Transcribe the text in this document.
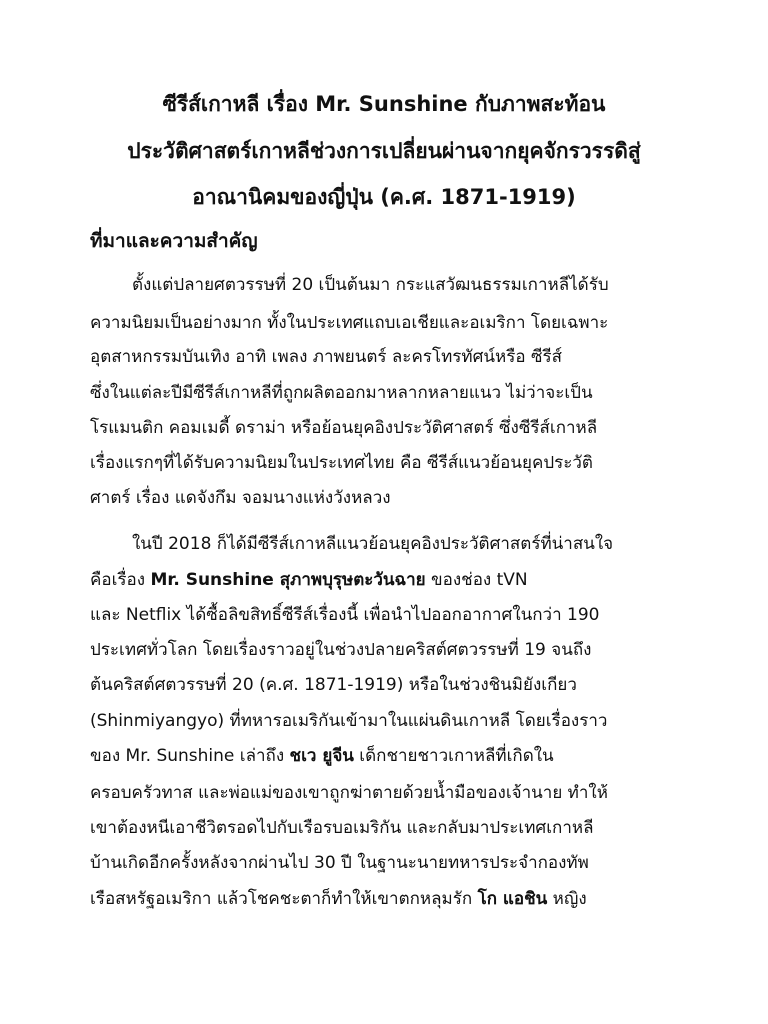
ซีรีส์เกาหลี เรื่อง Mr. Sunshine กับภาพสะท้อน
ประวัติศาสตร์เกาหลีช่วงการเปลี่ยนผ่านจากยุคจักรวรรดิสู่
อาณานิคมของญี่ปุ่น (ค.ศ. 1871-1919)
ที่มาและความสำคัญ
ตั้งแต่ปลายศตวรรษที่ 20 เป็นต้นมา กระแสวัฒนธรรมเกาหลีได้รับ
ความนิยมเป็นอย่างมาก ทั้งในประเทศแถบเอเชียและอเมริกา โดยเฉพาะ
อุตสาหกรรมบันเทิง อาทิ เพลง ภาพยนตร์ ละครโทรทัศน์หรือ ซีรีส์
ซึ่งในแต่ละปีมีซีรีส์เกาหลีที่ถูกผลิตออกมาหลากหลายแนว ไม่ว่าจะเป็น
โรแมนติก คอมเมดี้ ดราม่า หรือย้อนยุคอิงประวัติศาสตร์ ซึ่งซีรีส์เกาหลี
เรื่องแรกๆที่ได้รับความนิยมในประเทศไทย คือ ซีรีส์แนวย้อนยุคประวัติ
ศาตร์ เรื่อง แดจังกึม จอมนางแห่งวังหลวง
ในปี 2018 ก็ได้มีซีรีส์เกาหลีแนวย้อนยุคอิงประวัติศาสตร์ที่น่าสนใจ
คือเรื่อง Mr. Sunshine สุภาพบุรุษตะวันฉาย ของช่อง tVN
และ Netflix ได้ซื้อลิขสิทธิ์ซีรีส์เรื่องนี้ เพื่อนำไปออกอากาศในกว่า 190
ประเทศทั่วโลก โดยเรื่องราวอยู่ในช่วงปลายคริสต์ศตวรรษที่ 19 จนถึง
ต้นคริสต์ศตวรรษที่ 20 (ค.ศ. 1871-1919) หรือในช่วงชินมิยังเกียว
(Shinmiyangyo) ที่ทหารอเมริกันเข้ามาในแผ่นดินเกาหลี โดยเรื่องราว
ของ Mr. Sunshine เล่าถึง ชเว ยูจีน เด็กชายชาวเกาหลีที่เกิดใน
ครอบครัวทาส และพ่อแม่ของเขาถูกฆ่าตายด้วยน้ำมือของเจ้านาย ทำให้
เขาต้องหนีเอาชีวิตรอดไปกับเรือรบอเมริกัน และกลับมาประเทศเกาหลี
บ้านเกิดอีกครั้งหลังจากผ่านไป 30 ปี ในฐานะนายทหารประจำกองทัพ
เรือสหรัฐอเมริกา แล้วโชคชะตาก็ทำให้เขาตกหลุมรัก โก แอชิน หญิง
